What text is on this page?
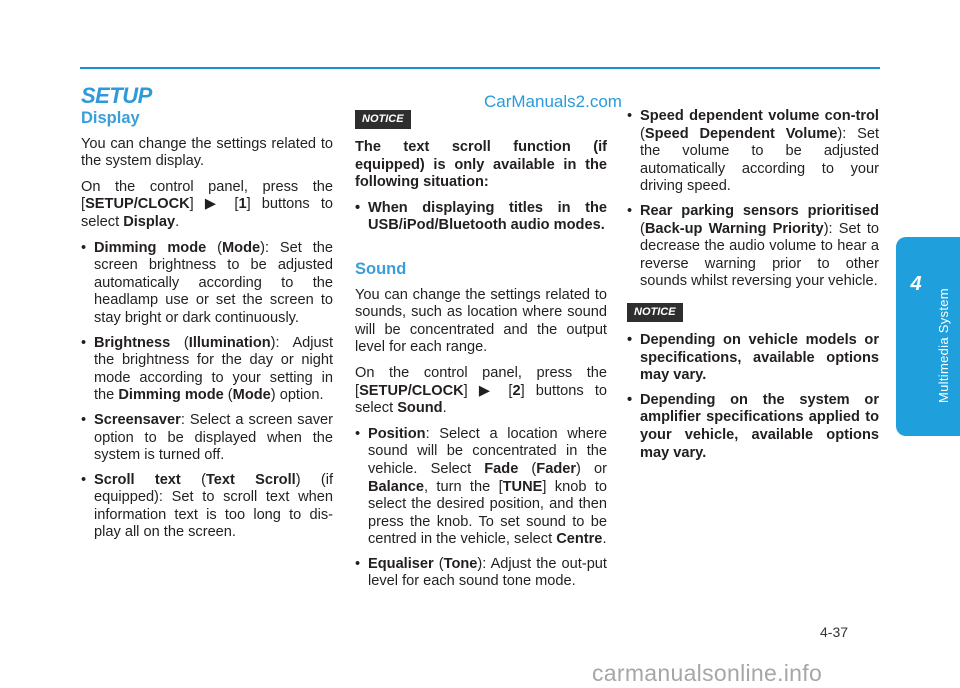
SETUP	CarManuals2.com
4
Multimedia System
Display

You can change the settings related to the system display.

On the control panel, press the [SETUP/CLOCK] ▶ [1] buttons to select Display.

• Dimming mode (Mode): Set the screen brightness to be adjusted automatically according to the headlamp use or set the screen to stay bright or dark continuously.
• Brightness (Illumination): Adjust the brightness for the day or night mode according to your setting in the Dimming mode (Mode) option.
• Screensaver: Select a screen saver option to be displayed when the system is turned off.
• Scroll text (Text Scroll) (if equipped): Set to scroll text when information text is too long to dis-play all on the screen.
NOTICE

The text scroll function (if equipped) is only available in the following situation:

• When displaying titles in the USB/iPod/Bluetooth audio modes.
Sound

You can change the settings related to sounds, such as location where sound will be concentrated and the output level for each range.

On the control panel, press the [SETUP/CLOCK] ▶ [2] buttons to select Sound.

• Position: Select a location where sound will be concentrated in the vehicle. Select Fade (Fader) or Balance, turn the [TUNE] knob to select the desired position, and then press the knob. To set sound to be centred in the vehicle, select Centre.
• Equaliser (Tone): Adjust the out-put level for each sound tone mode.
• Speed dependent volume con-trol (Speed Dependent Volume): Set the volume to be adjusted automatically according to your driving speed.
• Rear parking sensors prioritised (Back-up Warning Priority): Set to decrease the audio volume to hear a reverse warning prior to other sounds whilst reversing your vehicle.
NOTICE
• Depending on vehicle models or specifications, available options may vary.
• Depending on the system or amplifier specifications applied to your vehicle, available options may vary.
4-37
carmanualsonline.info
